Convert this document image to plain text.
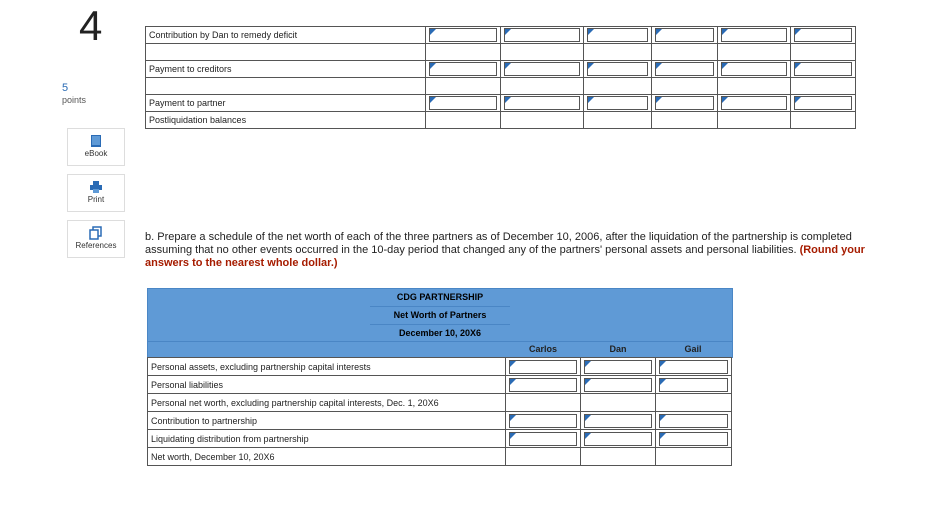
4
5
points
eBook
Print
References
Contribution by Dan to remedy deficit	

Payment to creditors	

Payment to partner	

Postliquidation balances						
b. Prepare a schedule of the net worth of each of the three partners as of December 10, 2006, after the liquidation of the partnership is completed assuming that no other events occurred in the 10-day period that changed any of the partners' personal assets and personal liabilities. (Round your answers to the nearest whole dollar.)
CDG PARTNERSHIP
Net Worth of Partners
December 10, 20X6
Carlos	Dan	Gail
Personal assets, excluding partnership capital interests	

Personal liabilities	

Personal net worth, excluding partnership capital interests, Dec. 1, 20X6			
Contribution to partnership	

Liquidating distribution from partnership	

Net worth, December 10, 20X6			
